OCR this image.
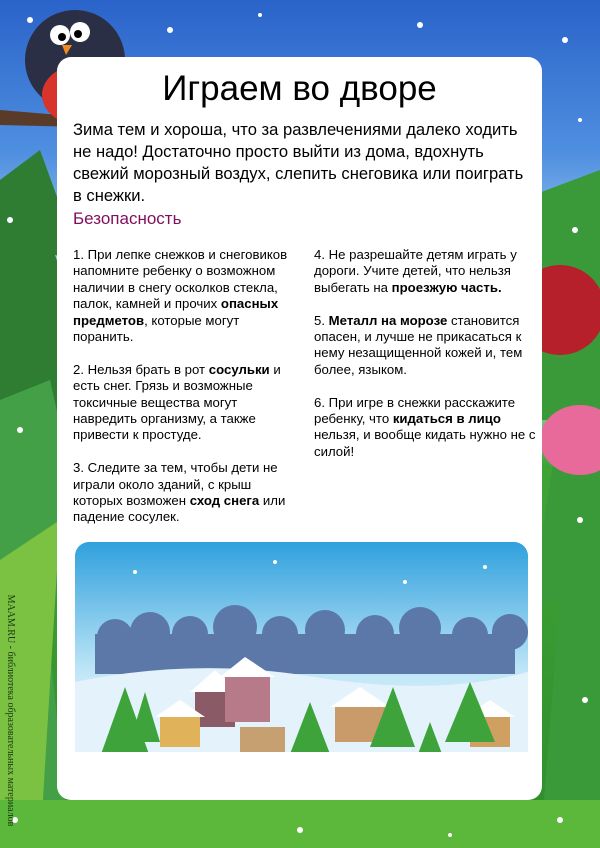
MAAM.RU - библиотека образовательных материалов
Играем во дворе
Зима тем и хороша, что за развлечениями далеко ходить не надо! Достаточно просто выйти из дома, вдохнуть свежий морозный воздух, слепить снеговика или поиграть в снежки.
Безопасность

1. При лепке снежков и снеговиков напомните ребенку о возможном наличии в снегу осколков стекла, палок, камней и прочих опасных предметов, которые могут поранить.

2. Нельзя брать в рот сосульки и есть снег. Грязь и возможные токсичные вещества могут навредить организму, а также привести к простуде.

3. Следите за тем, чтобы дети не играли около зданий, с крыш которых возможен сход снега или падение сосулек.

4. Не разрешайте детям играть у дороги. Учите детей, что нельзя выбегать на проезжую часть.

5. Металл на морозе становится опасен, и лучше не прикасаться к нему незащищенной кожей и, тем более, языком.

6. При игре в снежки расскажите ребенку, что кидаться в лицо нельзя, и вообще кидать нужно не с силой!
